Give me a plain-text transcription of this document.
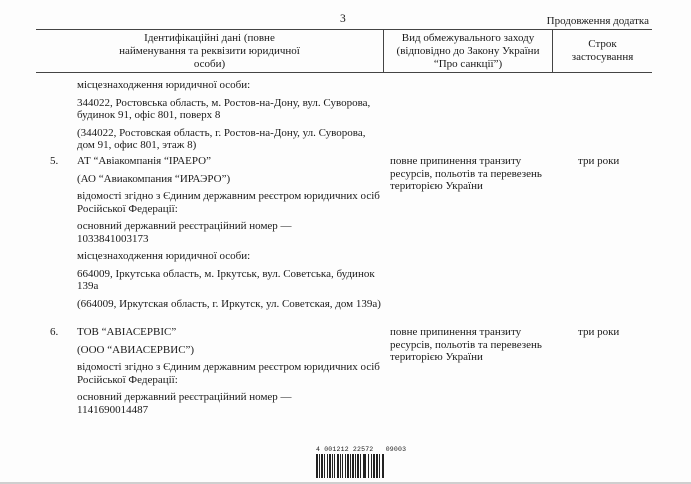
3	Продовження додатка
Ідентифікаційні дані (повне найменування та реквізити юридичної особи)
Вид обмежувального заходу (відповідно до Закону України “Про санкції”)
Строк застосування

місцезнаходження юридичної особи:

344022, Ростовська область, м. Ростов-на-Дону, вул. Суворова, будинок 91, офіс 801, поверх 8

(344022, Ростовская область, г. Ростов-на-Дону, ул. Суворова, дом 91, офис 801, этаж 8)

5. АТ “Авіакомпанія “ІРАЕРО”

(АО “Авиакомпания “ИРАЭРО”)

відомості згідно з Єдиним державним реєстром юридичних осіб Російської Федерації:

основний державний реєстраційний номер —
1033841003173

місцезнаходження юридичної особи:

664009, Іркутська область, м. Іркутськ, вул. Советська, будинок 139а

(664009, Иркутская область, г. Иркутск, ул. Советская, дом 139а)

повне припинення транзиту ресурсів, польотів та перевезень територією України
три роки
6. ТОВ “АВІАСЕРВІС”

(ООО “АВИАСЕРВИС”)

відомості згідно з Єдиним державним реєстром юридичних осіб Російської Федерації:

основний державний реєстраційний номер —
1141690014487

повне припинення транзиту ресурсів, польотів та перевезень територією України
три роки
4 001212 22572   09003
